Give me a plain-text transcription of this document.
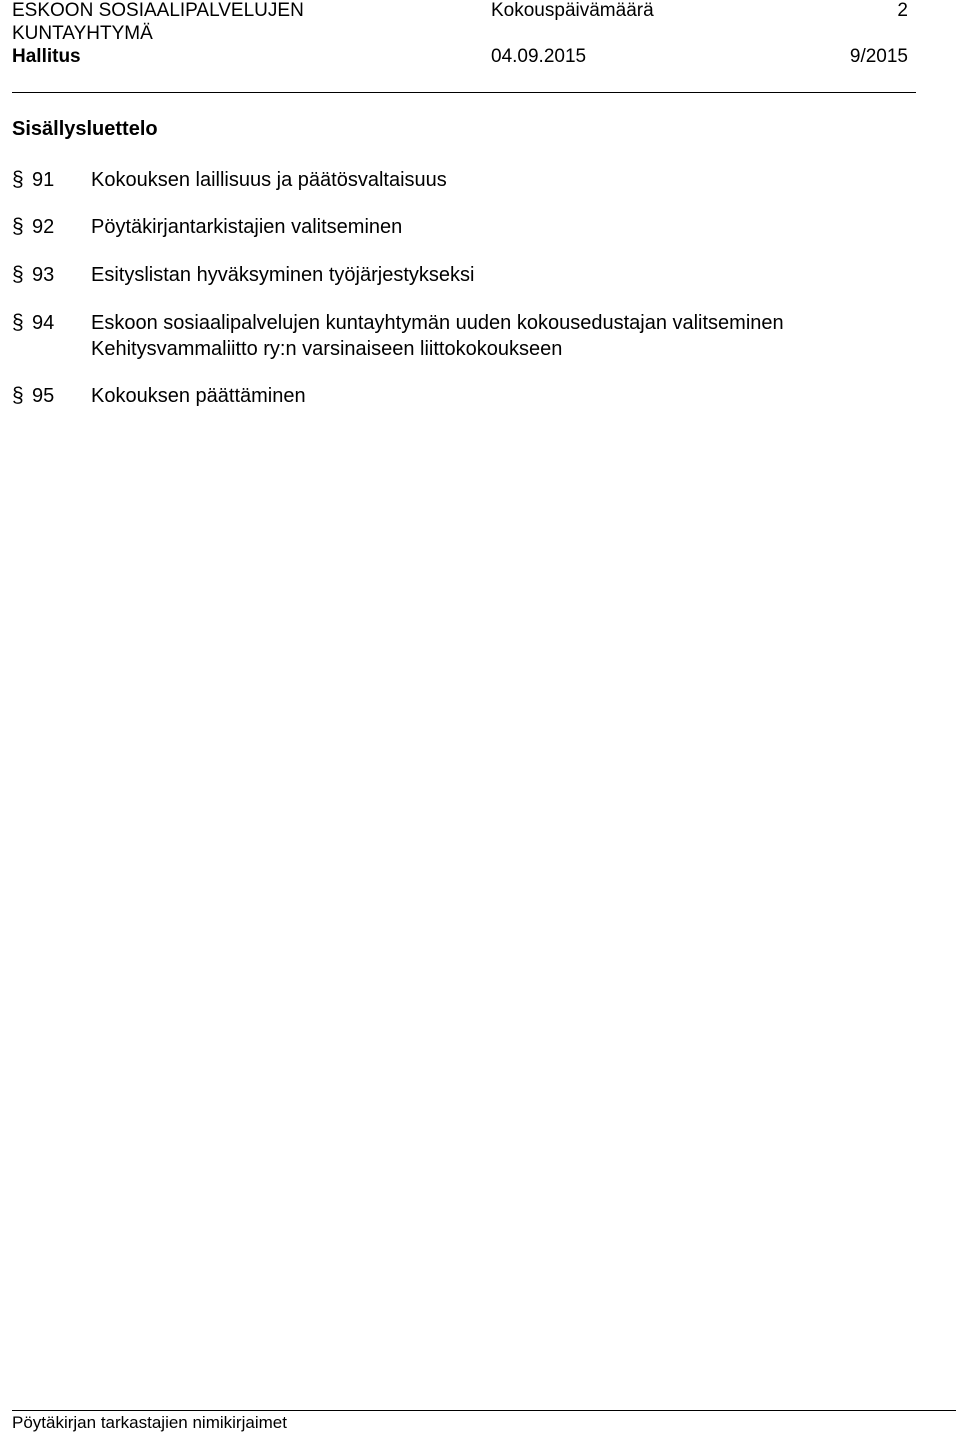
ESKOON SOSIAALIPALVELUJEN
KUNTAYHTYMÄ
Hallitus
Kokouspäivämäärä
04.09.2015
2
9/2015
Sisällysluettelo
§ 91 Kokouksen laillisuus ja päätösvaltaisuus
§ 92 Pöytäkirjantarkistajien valitseminen
§ 93 Esityslistan hyväksyminen työjärjestykseksi
§ 94 Eskoon sosiaalipalvelujen kuntayhtymän uuden kokousedustajan valitseminen
Kehitysvammaliitto ry:n varsinaiseen liittokokoukseen
§ 95 Kokouksen päättäminen
Pöytäkirjan tarkastajien nimikirjaimet
